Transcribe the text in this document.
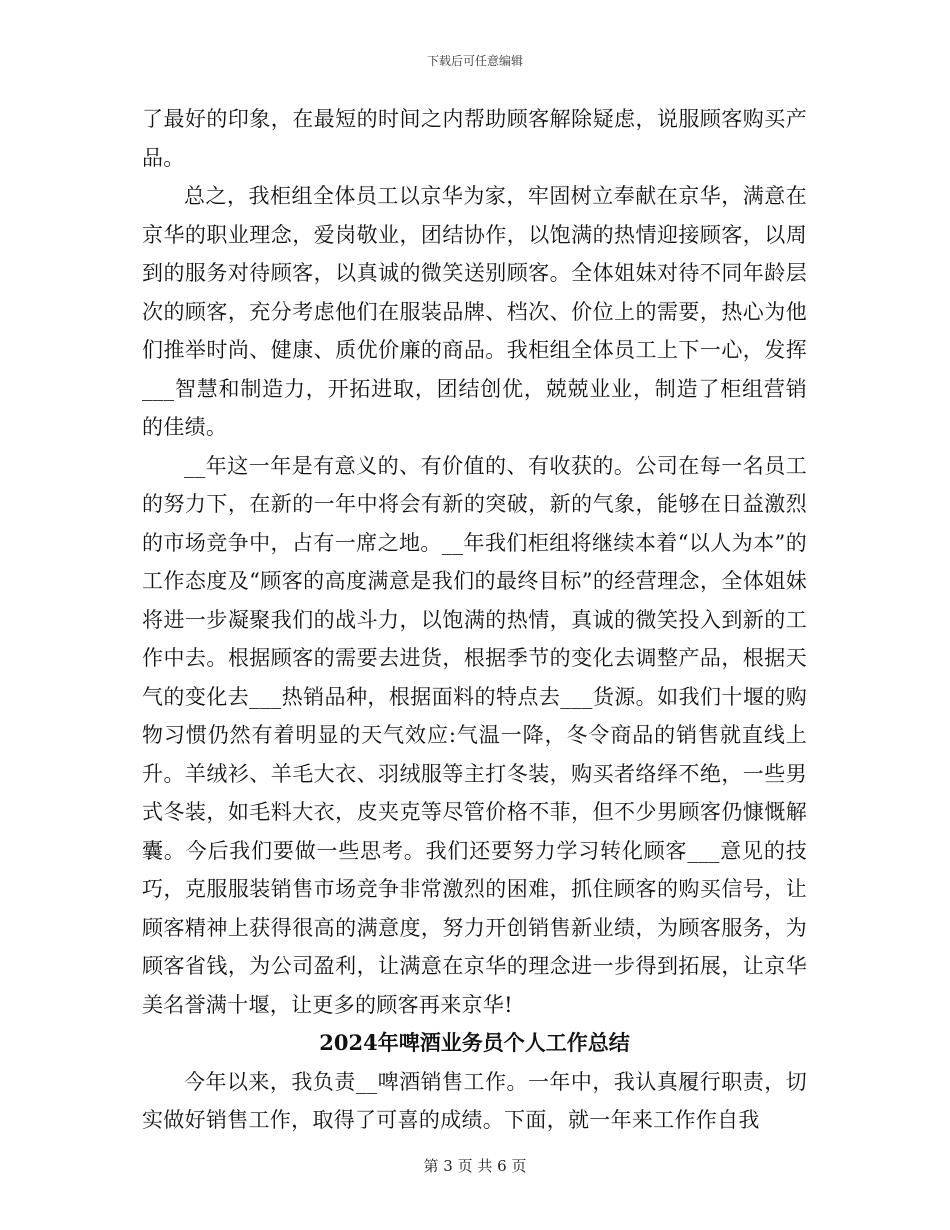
下载后可任意编辑

了最好的印象，在最短的时间之内帮助顾客解除疑虑，说服顾客购买产品。

总之，我柜组全体员工以京华为家，牢固树立奉献在京华，满意在京华的职业理念，爱岗敬业，团结协作，以饱满的热情迎接顾客，以周到的服务对待顾客，以真诚的微笑送别顾客。全体姐妹对待不同年龄层次的顾客，充分考虑他们在服装品牌、档次、价位上的需要，热心为他们推举时尚、健康、质优价廉的商品。我柜组全体员工上下一心，发挥___智慧和制造力，开拓进取，团结创优，兢兢业业，制造了柜组营销的佳绩。

__年这一年是有意义的、有价值的、有收获的。公司在每一名员工的努力下，在新的一年中将会有新的突破，新的气象，能够在日益激烈的市场竞争中，占有一席之地。__年我们柜组将继续本着“以人为本”的工作态度及“顾客的高度满意是我们的最终目标”的经营理念，全体姐妹将进一步凝聚我们的战斗力，以饱满的热情，真诚的微笑投入到新的工作中去。根据顾客的需要去进货，根据季节的变化去调整产品，根据天气的变化去___热销品种，根据面料的特点去___货源。如我们十堰的购物习惯仍然有着明显的天气效应:气温一降，冬令商品的销售就直线上升。羊绒衫、羊毛大衣、羽绒服等主打冬装，购买者络绎不绝，一些男式冬装，如毛料大衣，皮夹克等尽管价格不菲，但不少男顾客仍慷慨解囊。今后我们要做一些思考。我们还要努力学习转化顾客___意见的技巧，克服服装销售市场竞争非常激烈的困难，抓住顾客的购买信号，让顾客精神上获得很高的满意度，努力开创销售新业绩，为顾客服务，为顾客省钱，为公司盈利，让满意在京华的理念进一步得到拓展，让京华美名誉满十堰，让更多的顾客再来京华!

2024年啤酒业务员个人工作总结

今年以来，我负责__啤酒销售工作。一年中，我认真履行职责，切实做好销售工作，取得了可喜的成绩。下面，就一年来工作作自我

第 3 页 共 6 页
